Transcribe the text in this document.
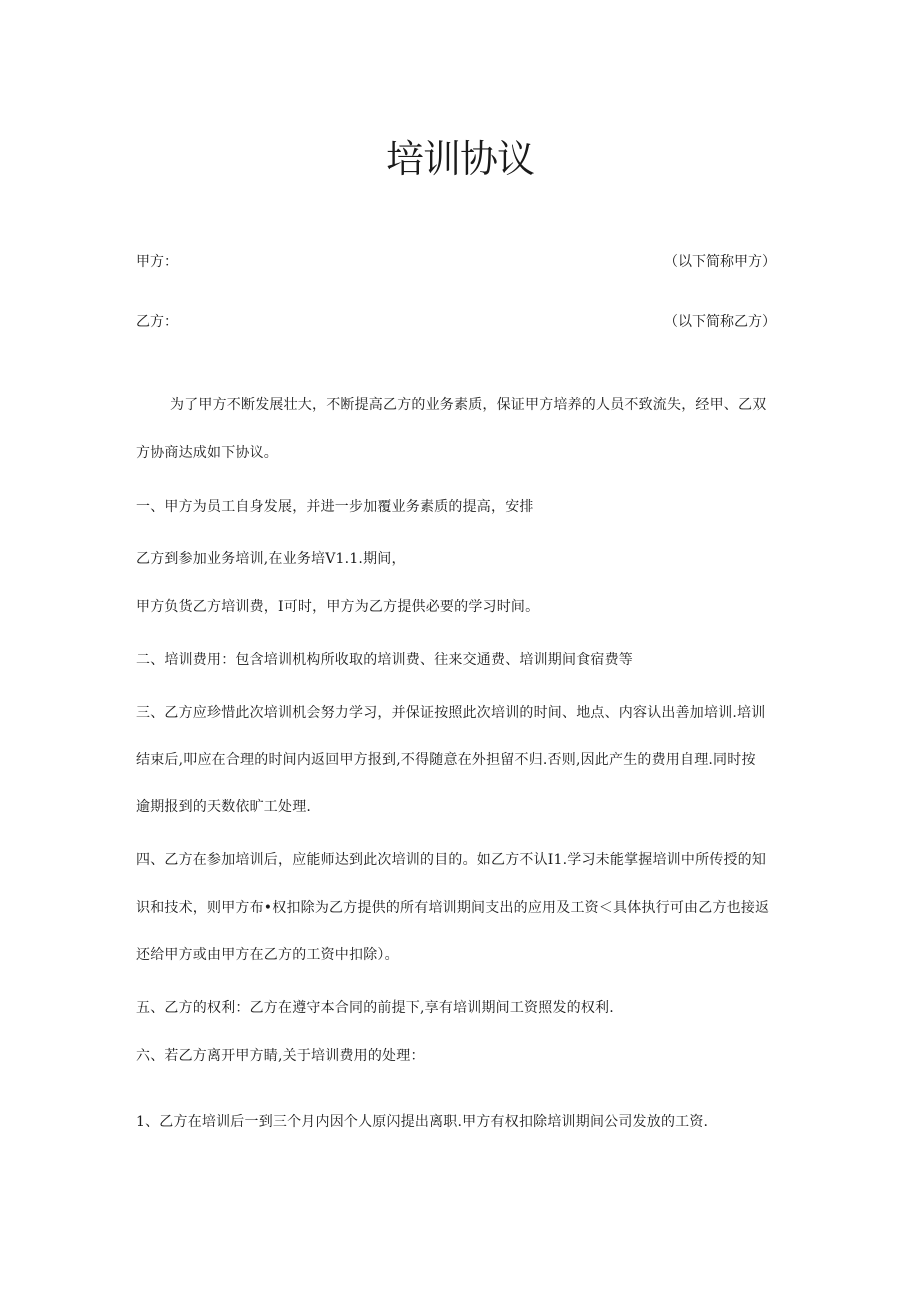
培训协议
甲方：	（以下简称甲方）
乙方：	（以下简称乙方）
为了甲方不断发展壮大，不断提高乙方的业务素质，保证甲方培养的人员不致流失，经甲、乙双
方协商达成如下协议。
一、甲方为员工自身发展，并进一步加覆业务素质的提高，安排
乙方到参加业务培训,在业务培V1.1.期间，
甲方负货乙方培训费，I可时，甲方为乙方提供必要的学习时间。
二、培训费用：包含培训机构所收取的培训费、往来交通费、培训期间食宿费等
三、乙方应珍惜此次培训机会努力学习，并保证按照此次培训的时间、地点、内容认出善加培训.培训
结束后,叩应在合理的时间内返回甲方报到,不得随意在外担留不归.否则,因此产生的费用自理.同时按
逾期报到的天数依旷工处理.
四、乙方在参加培训后，应能师达到此次培训的目的。如乙方不认I1.学习未能掌握培训中所传授的知
识和技术，则甲方布•权扣除为乙方提供的所有培训期间支出的应用及工资＜具体执行可由乙方也接返
还给甲方或由甲方在乙方的工资中扣除）。
五、乙方的权利：乙方在遵守本合同的前提下,享有培训期间工资照发的权利.
六、若乙方离开甲方睛,关于培训费用的处理：
1、乙方在培训后一到三个月内因个人原闪提出离职.甲方有权扣除培训期间公司发放的工资.
